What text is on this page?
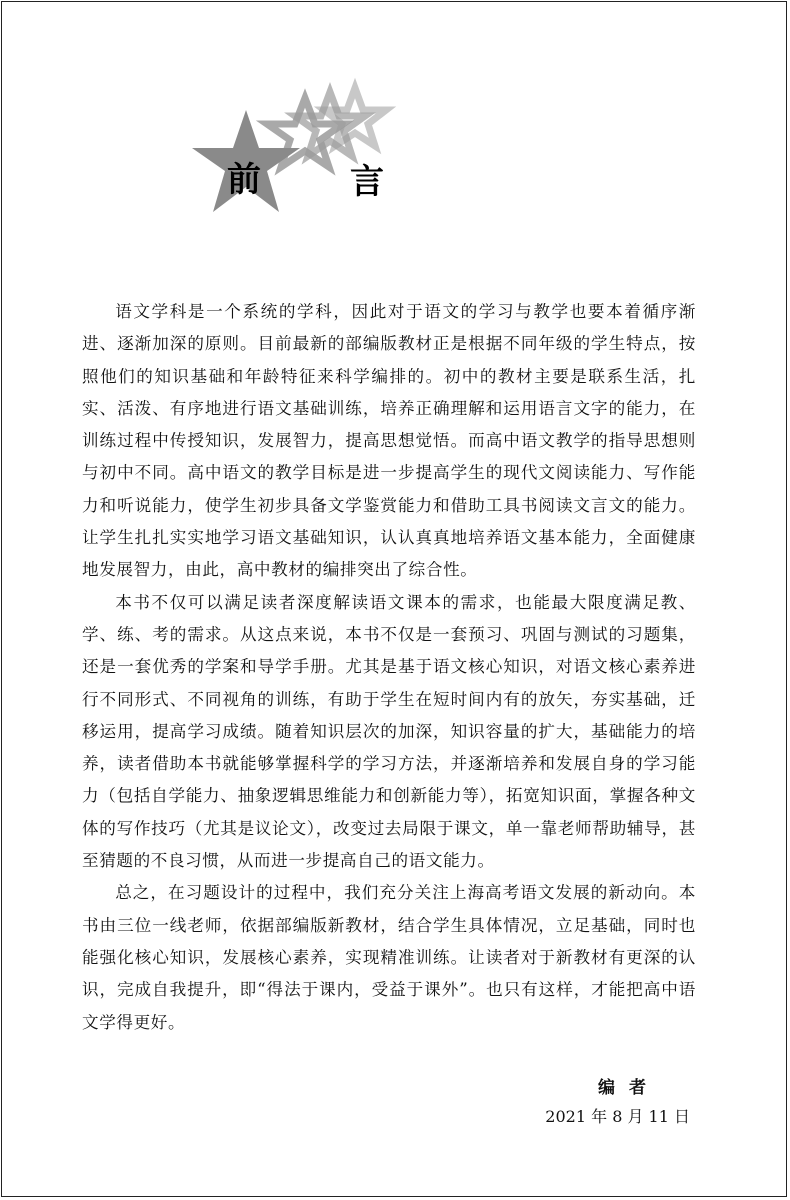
前	言

语文学科是一个系统的学科，因此对于语文的学习与教学也要本着循序渐进、逐渐加深的原则。目前最新的部编版教材正是根据不同年级的学生特点，按照他们的知识基础和年龄特征来科学编排的。初中的教材主要是联系生活，扎实、活泼、有序地进行语文基础训练，培养正确理解和运用语言文字的能力，在训练过程中传授知识，发展智力，提高思想觉悟。而高中语文教学的指导思想则与初中不同。高中语文的教学目标是进一步提高学生的现代文阅读能力、写作能力和听说能力，使学生初步具备文学鉴赏能力和借助工具书阅读文言文的能力。让学生扎扎实实地学习语文基础知识，认认真真地培养语文基本能力，全面健康地发展智力，由此，高中教材的编排突出了综合性。

本书不仅可以满足读者深度解读语文课本的需求，也能最大限度满足教、学、练、考的需求。从这点来说，本书不仅是一套预习、巩固与测试的习题集，还是一套优秀的学案和导学手册。尤其是基于语文核心知识，对语文核心素养进行不同形式、不同视角的训练，有助于学生在短时间内有的放矢，夯实基础，迁移运用，提高学习成绩。随着知识层次的加深，知识容量的扩大，基础能力的培养，读者借助本书就能够掌握科学的学习方法，并逐渐培养和发展自身的学习能力（包括自学能力、抽象逻辑思维能力和创新能力等），拓宽知识面，掌握各种文体的写作技巧（尤其是议论文），改变过去局限于课文，单一靠老师帮助辅导，甚至猜题的不良习惯，从而进一步提高自己的语文能力。

总之，在习题设计的过程中，我们充分关注上海高考语文发展的新动向。本书由三位一线老师，依据部编版新教材，结合学生具体情况，立足基础，同时也能强化核心知识，发展核心素养，实现精准训练。让读者对于新教材有更深的认识，完成自我提升，即“得法于课内，受益于课外”。也只有这样，才能把高中语文学得更好。

编者
2021 年 8 月 11 日
